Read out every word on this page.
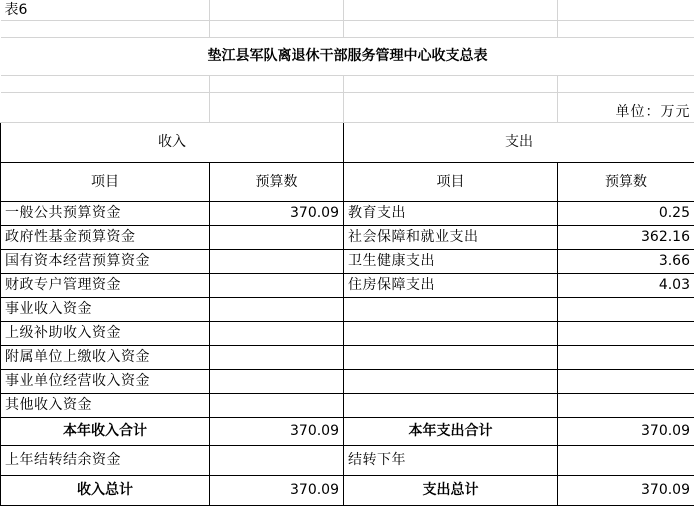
表6			

垫江县军队离退休干部服务管理中心收支总表			

			单位：万元
收入		支出	
项目	预算数	项目	预算数
一般公共预算资金	370.09	教育支出	0.25
政府性基金预算资金		社会保障和就业支出	362.16
国有资本经营预算资金		卫生健康支出	3.66
财政专户管理资金		住房保障支出	4.03
事业收入资金			
上级补助收入资金			
附属单位上缴收入资金			
事业单位经营收入资金			
其他收入资金			
本年收入合计	370.09	本年支出合计	370.09
上年结转结余资金		结转下年	
收入总计	370.09	支出总计	370.09
